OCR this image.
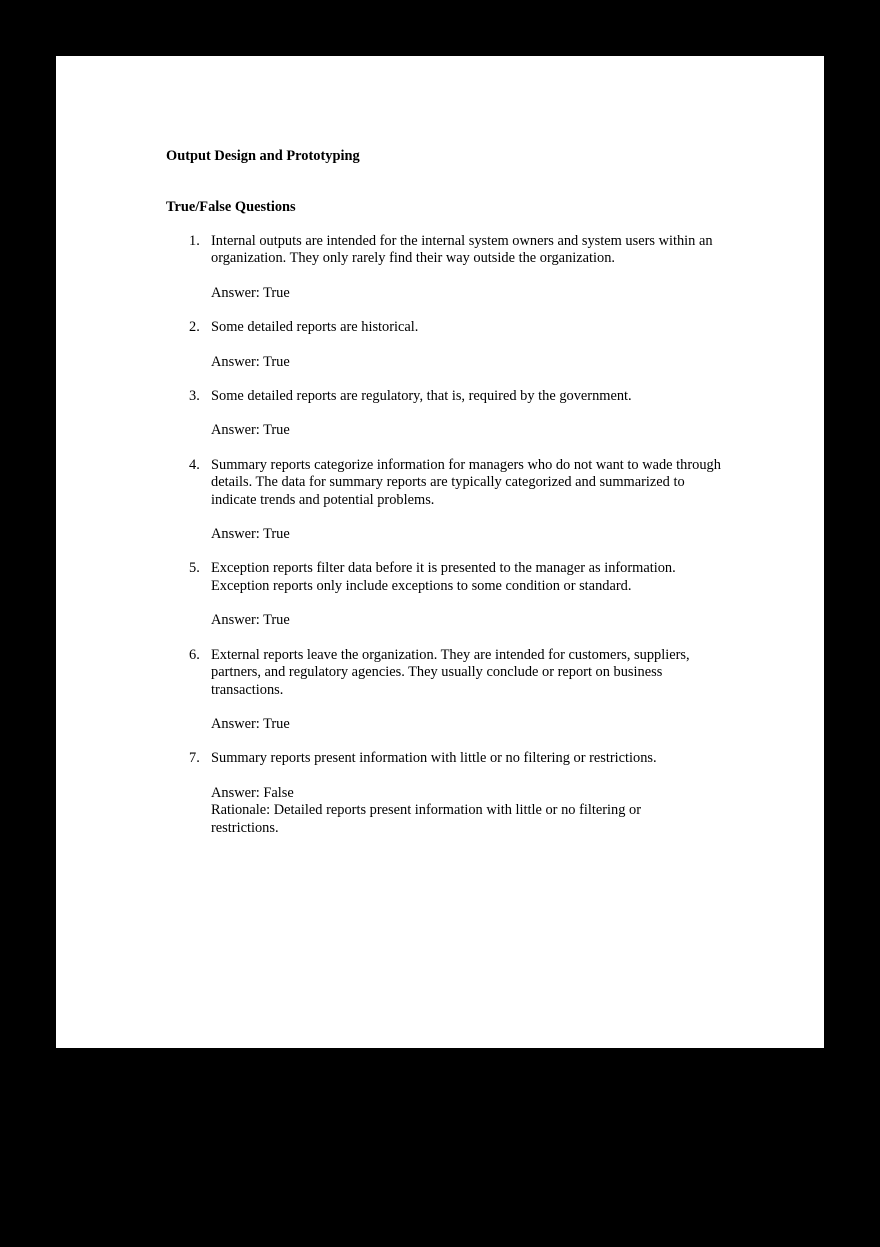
Output Design and Prototyping
True/False Questions
1. Internal outputs are intended for the internal system owners and system users within an organization. They only rarely find their way outside the organization.
Answer: True
2. Some detailed reports are historical.
Answer: True
3. Some detailed reports are regulatory, that is, required by the government.
Answer: True
4. Summary reports categorize information for managers who do not want to wade through details. The data for summary reports are typically categorized and summarized to indicate trends and potential problems.
Answer: True
5. Exception reports filter data before it is presented to the manager as information. Exception reports only include exceptions to some condition or standard.
Answer: True
6. External reports leave the organization. They are intended for customers, suppliers, partners, and regulatory agencies. They usually conclude or report on business transactions.
Answer: True
7. Summary reports present information with little or no filtering or restrictions.
Answer: False
Rationale: Detailed reports present information with little or no filtering or restrictions.
